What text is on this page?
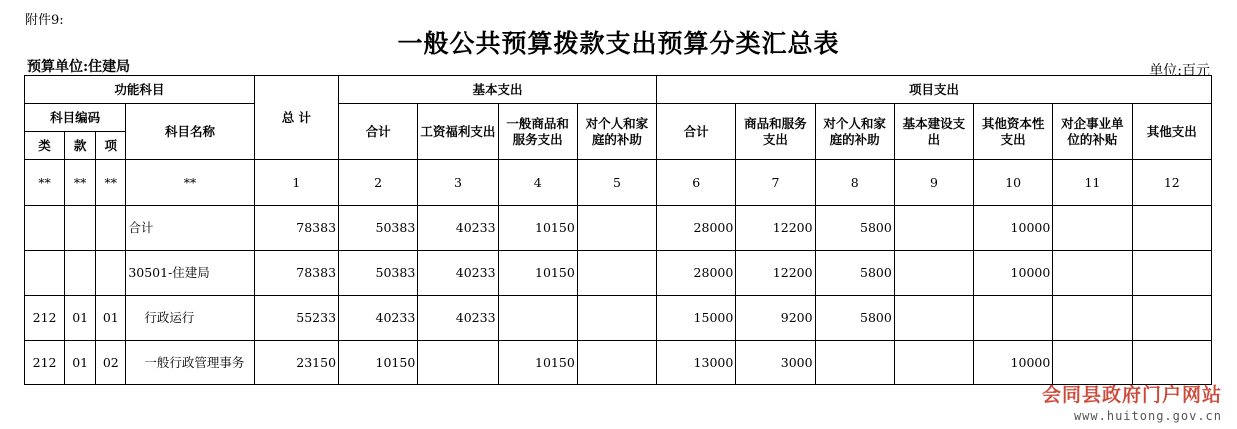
附件9:
一般公共预算拨款支出预算分类汇总表
预算单位:住建局	单位:百元
功能科目				总 计	基本支出				项目支出						
科目编码			科目名称		合计	工资福利支出	一般商品和服务支出	对个人和家庭的补助	合计	商品和服务支出	对个人和家庭的补助	基本建设支出	其他资本性支出	对企事业单位的补贴	其他支出
类	款	项													
**	**	**	**	1	2	3	4	5	6	7	8	9	10	11	12
			合计	78383	50383	40233	10150		28000	12200	5800		10000		
			30501-住建局	78383	50383	40233	10150		28000	12200	5800		10000		
212	01	01	行政运行	55233	40233	40233			15000	9200	5800				
212	01	02	一般行政管理事务	23150	10150		10150		13000	3000			10000		
会同县政府门户网站
www.huitong.gov.cn
